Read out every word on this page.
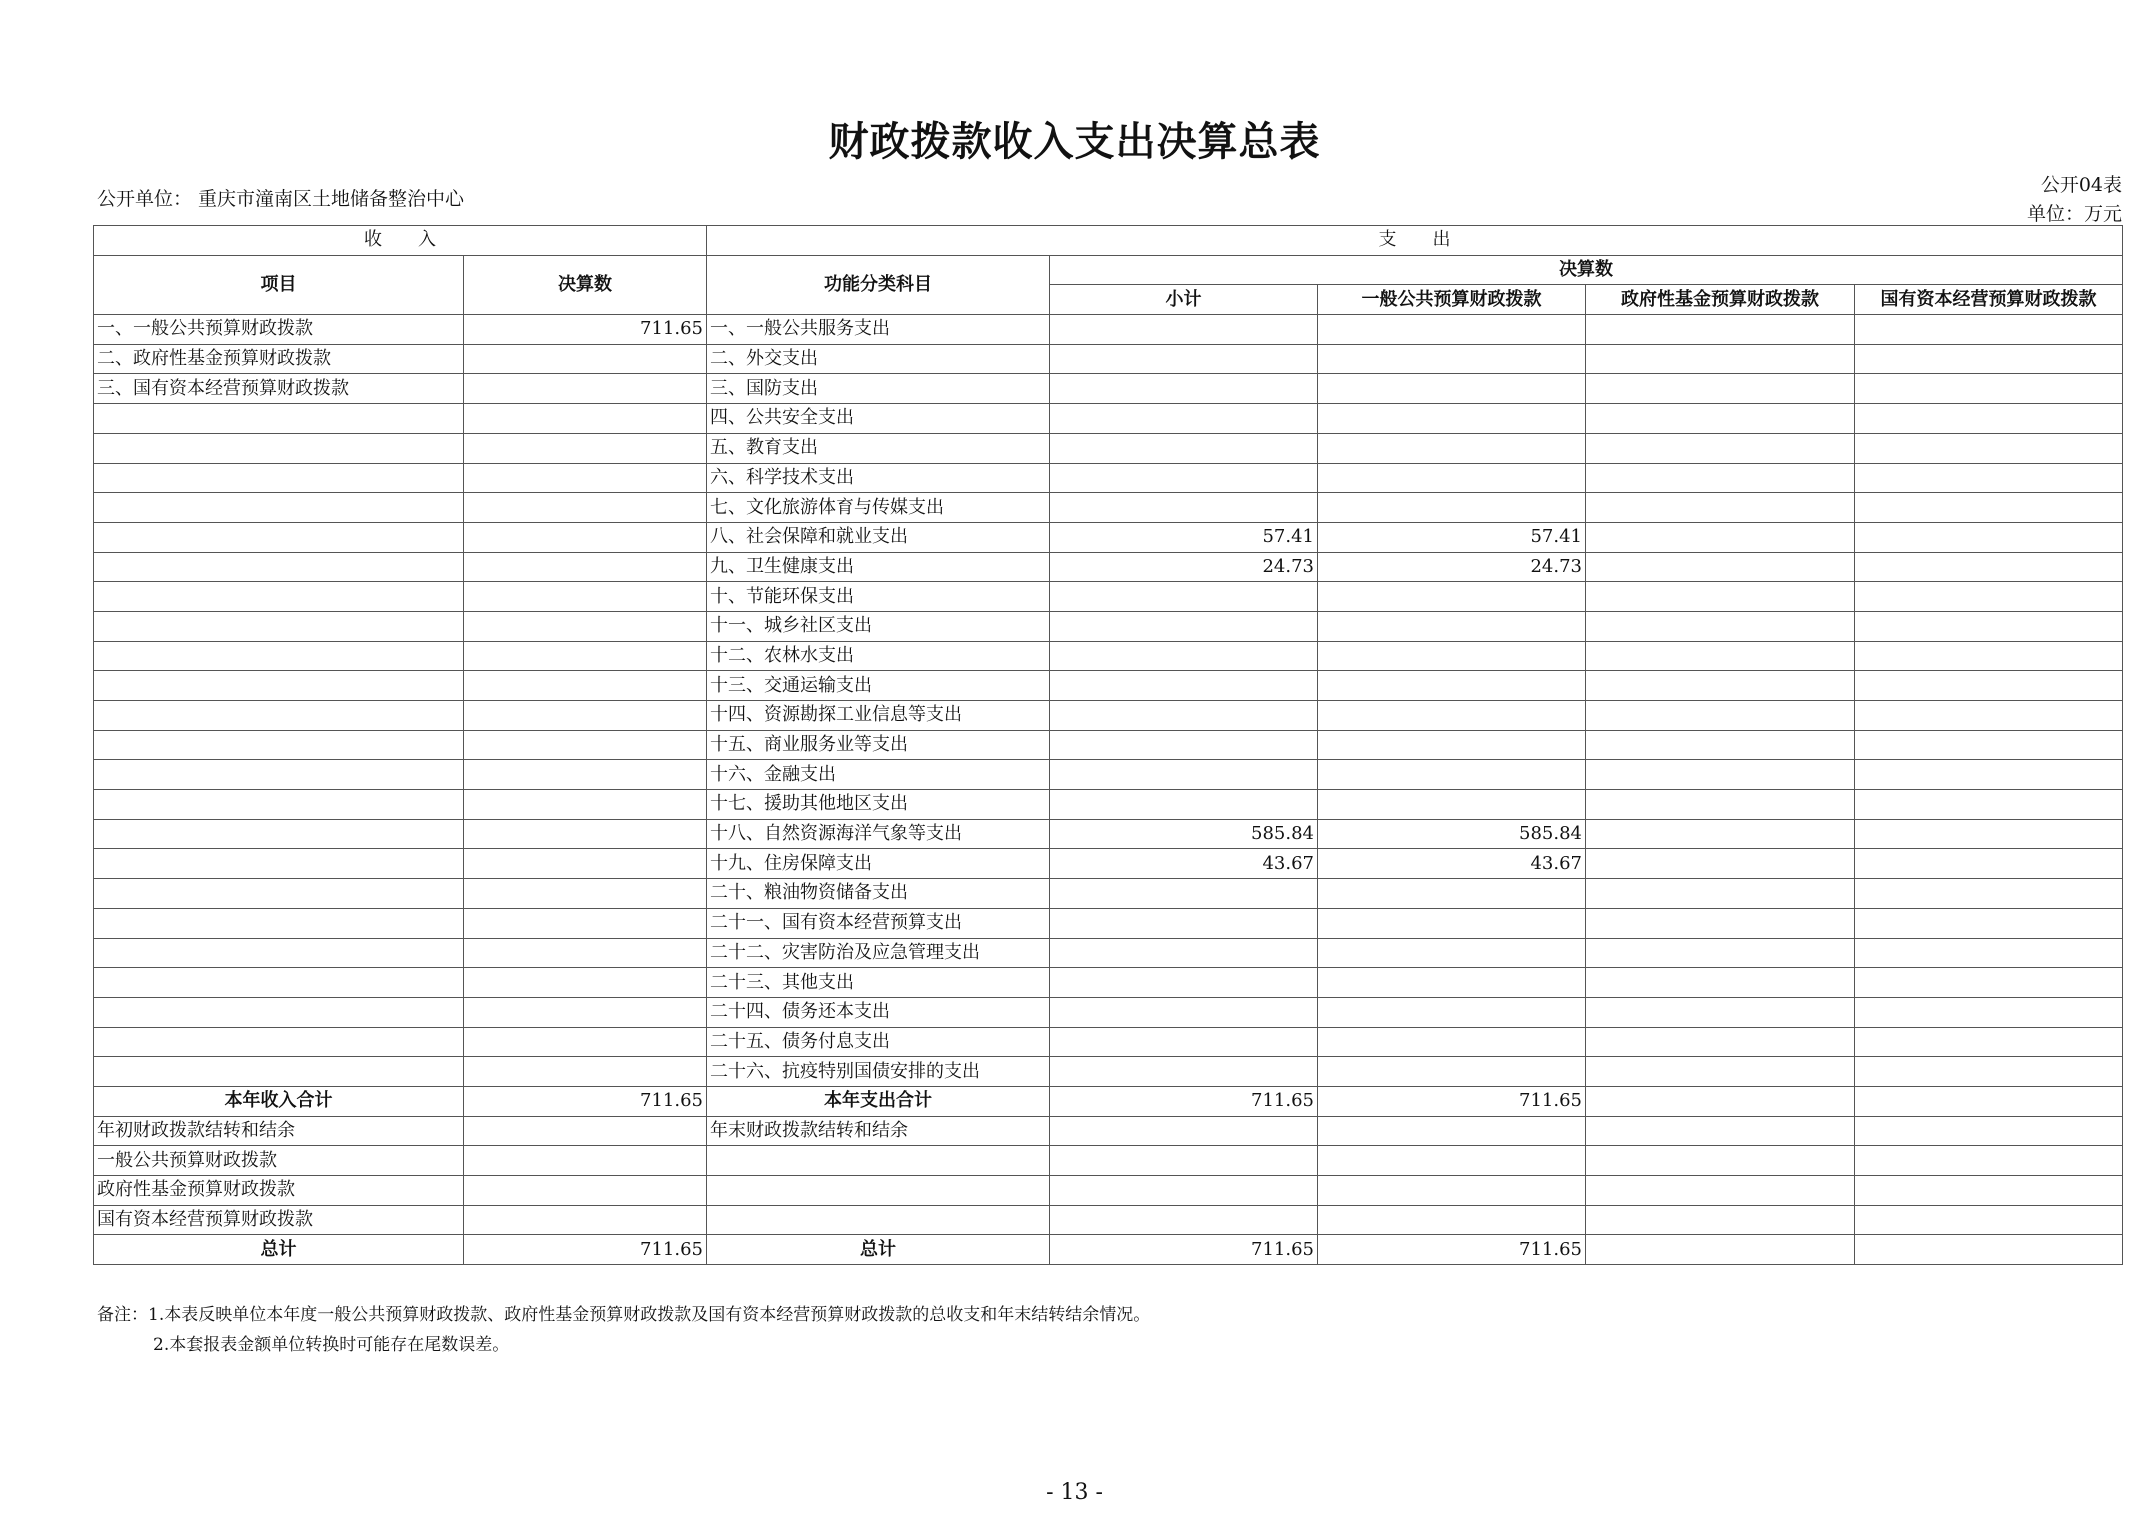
财政拨款收入支出决算总表
公开单位： 重庆市潼南区土地储备整治中心
公开04表
单位：万元
收　　入		支　　出				
项目	决算数	功能分类科目	决算数			
			小计	一般公共预算财政拨款	政府性基金预算财政拨款	国有资本经营预算财政拨款
一、一般公共预算财政拨款	711.65	一、一般公共服务支出				
二、政府性基金预算财政拨款		二、外交支出				
三、国有资本经营预算财政拨款		三、国防支出				
		四、公共安全支出				
		五、教育支出				
		六、科学技术支出				
		七、文化旅游体育与传媒支出				
		八、社会保障和就业支出	57.41	57.41		
		九、卫生健康支出	24.73	24.73		
		十、节能环保支出				
		十一、城乡社区支出				
		十二、农林水支出				
		十三、交通运输支出				
		十四、资源勘探工业信息等支出				
		十五、商业服务业等支出				
		十六、金融支出				
		十七、援助其他地区支出				
		十八、自然资源海洋气象等支出	585.84	585.84		
		十九、住房保障支出	43.67	43.67		
		二十、粮油物资储备支出				
		二十一、国有资本经营预算支出				
		二十二、灾害防治及应急管理支出				
		二十三、其他支出				
		二十四、债务还本支出				
		二十五、债务付息支出				
		二十六、抗疫特别国债安排的支出				
本年收入合计	711.65	本年支出合计	711.65	711.65		
年初财政拨款结转和结余		年末财政拨款结转和结余				
一般公共预算财政拨款						
政府性基金预算财政拨款						
国有资本经营预算财政拨款						
总计	711.65	总计	711.65	711.65		
备注：1.本表反映单位本年度一般公共预算财政拨款、政府性基金预算财政拨款及国有资本经营预算财政拨款的总收支和年末结转结余情况。
2.本套报表金额单位转换时可能存在尾数误差。
- 13 -
